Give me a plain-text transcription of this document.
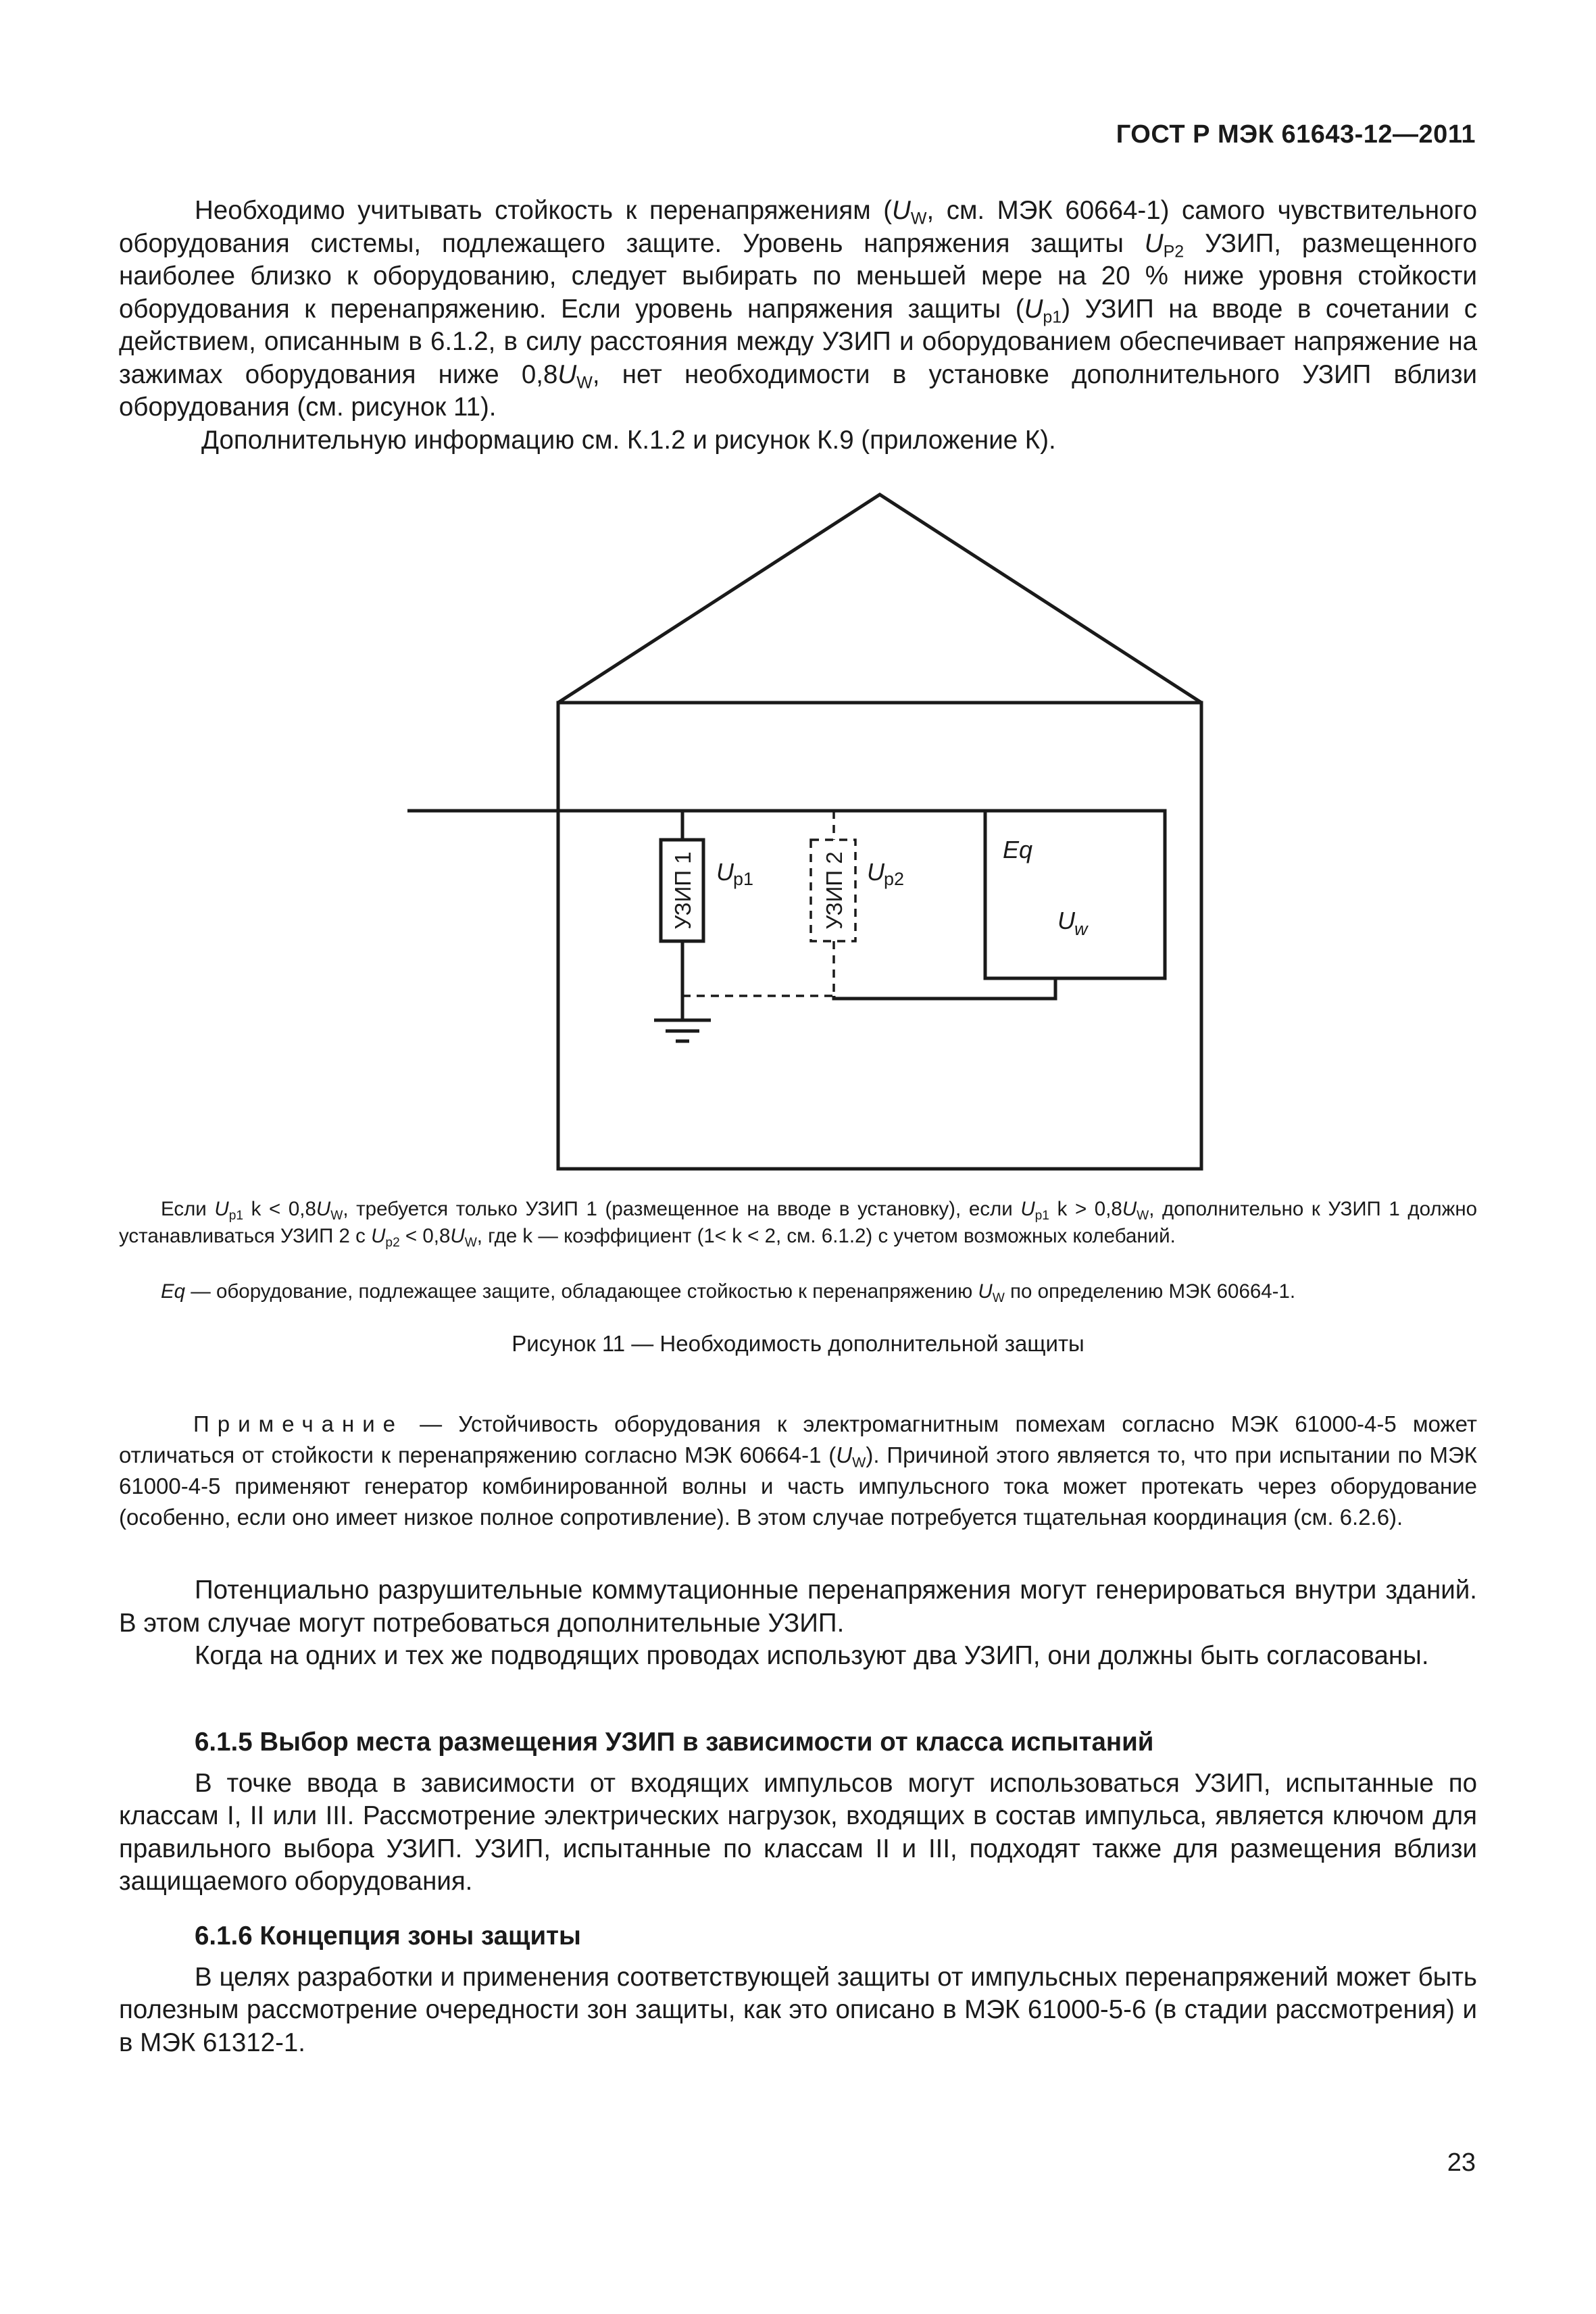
ГОСТ Р МЭК 61643-12—2011

Необходимо учитывать стойкость к перенапряжениям ($U_W$, см. МЭК 60664-1) самого чувствительного оборудования системы, подлежащего защите. Уровень напряжения защиты $U_{P2}$ УЗИП, размещенного наиболее близко к оборудованию, следует выбирать по меньшей мере на 20 % ниже уровня стойкости оборудования к перенапряжению. Если уровень напряжения защиты $(U_{p1})$ УЗИП на вводе в сочетании с действием, описанным в 6.1.2, в силу расстояния между УЗИП и оборудованием обеспечивает напряжение на зажимах оборудования ниже $0,8U_W$, нет необходимости в установке дополнительного УЗИП вблизи оборудования (см. рисунок 11).

Дополнительную информацию см. К.1.2 и рисунок К.9 (приложение К).

УЗИП 1	УЗИП 2
U p1	U p2
Eq
U w

Если $U_{p1}$ $k < 0,8U_W$, требуется только УЗИП 1 (размещенное на вводе в установку), если $U_{p1}$ $k > 0,8U_W$, дополнительно к УЗИП 1 должно устанавливаться УЗИП 2 с $U_{p2} < 0,8U_W$, где k — коэффициент (1< k < 2, см. 6.1.2) с учетом возможных колебаний.

Eq — оборудование, подлежащее защите, обладающее стойкостью к перенапряжению $U_W$ по определению МЭК 60664-1.

Рисунок 11 — Необходимость дополнительной защиты

Примечание — Устойчивость оборудования к электромагнитным помехам согласно МЭК 61000-4-5 может отличаться от стойкости к перенапряжению согласно МЭК 60664-1 $(U_W)$. Причиной этого является то, что при испытании по МЭК 61000-4-5 применяют генератор комбинированной волны и часть импульсного тока может протекать через оборудование (особенно, если оно имеет низкое полное сопротивление). В этом случае потребуется тщательная координация (см. 6.2.6).

Потенциально разрушительные коммутационные перенапряжения могут генерироваться внутри зданий. В этом случае могут потребоваться дополнительные УЗИП.

Когда на одних и тех же подводящих проводах используют два УЗИП, они должны быть согласованы.

6.1.5 Выбор места размещения УЗИП в зависимости от класса испытаний

В точке ввода в зависимости от входящих импульсов могут использоваться УЗИП, испытанные по классам I, II или III. Рассмотрение электрических нагрузок, входящих в состав импульса, является ключом для правильного выбора УЗИП. УЗИП, испытанные по классам II и III, подходят также для размещения вблизи защищаемого оборудования.

6.1.6 Концепция зоны защиты

В целях разработки и применения соответствующей защиты от импульсных перенапряжений может быть полезным рассмотрение очередности зон защиты, как это описано в МЭК 61000-5-6 (в стадии рассмотрения) и в МЭК 61312-1.

23
